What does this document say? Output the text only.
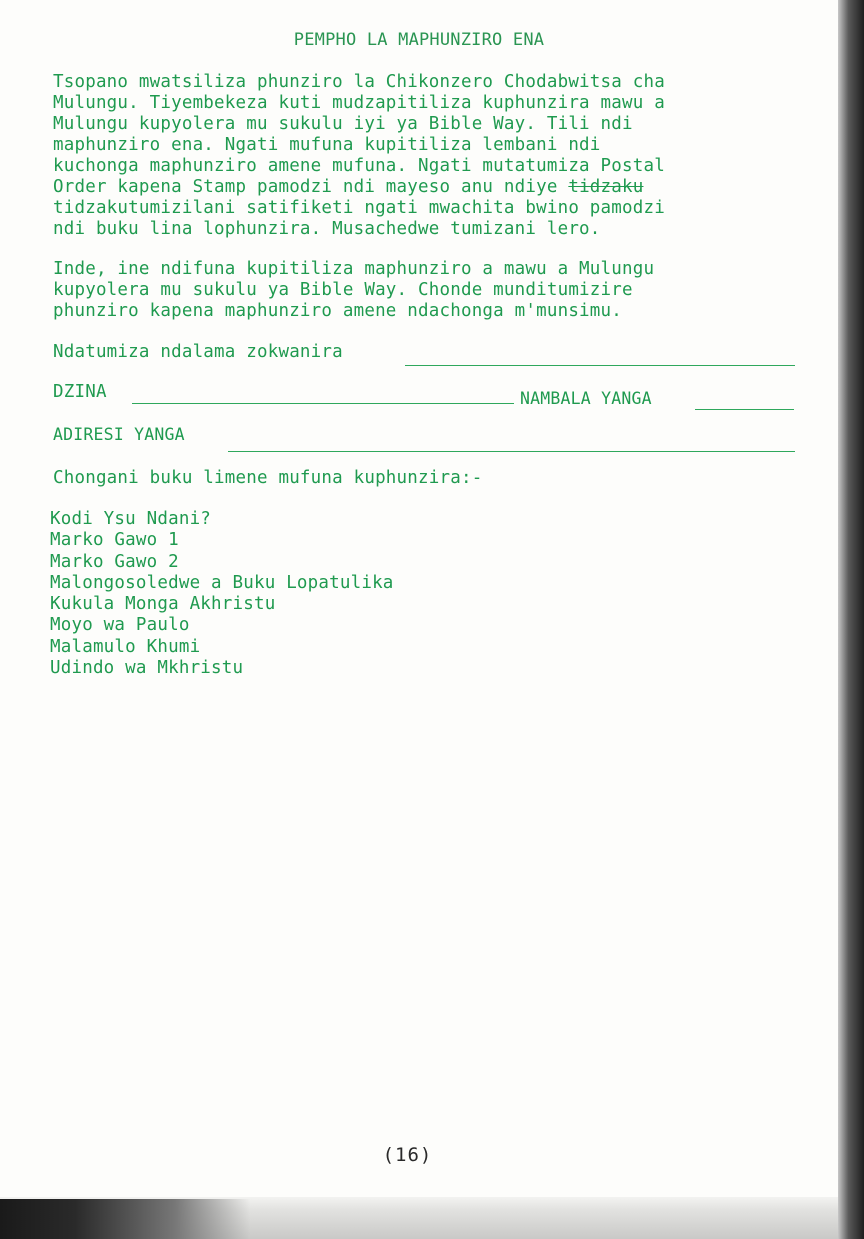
PEMPHO LA MAPHUNZIRO ENA
Tsopano mwatsiliza phunziro la Chikonzero Chodabwitsa cha
Mulungu. Tiyembekeza kuti mudzapitiliza kuphunzira mawu a
Mulungu kupyolera mu sukulu iyi ya Bible Way. Tili ndi
maphunziro ena. Ngati mufuna kupitiliza lembani ndi
kuchonga maphunziro amene mufuna. Ngati mutatumiza Postal
Order kapena Stamp pamodzi ndi mayeso anu ndiye tidzaku
tidzakutumizilani satifiketi ngati mwachita bwino pamodzi
ndi buku lina lophunzira. Musachedwe tumizani lero.
Inde, ine ndifuna kupitiliza maphunziro a mawu a Mulungu
kupyolera mu sukulu ya Bible Way. Chonde munditumizire
phunziro kapena maphunziro amene ndachonga m'munsimu.
Ndatumiza ndalama zokwanira
DZINA	NAMBALA YANGA
ADIRESI YANGA
Chongani buku limene mufuna kuphunzira:-
Kodi Ysu Ndani?
Marko Gawo 1
Marko Gawo 2
Malongosoledwe a Buku Lopatulika
Kukula Monga Akhristu
Moyo wa Paulo
Malamulo Khumi
Udindo wa Mkhristu
(16)
